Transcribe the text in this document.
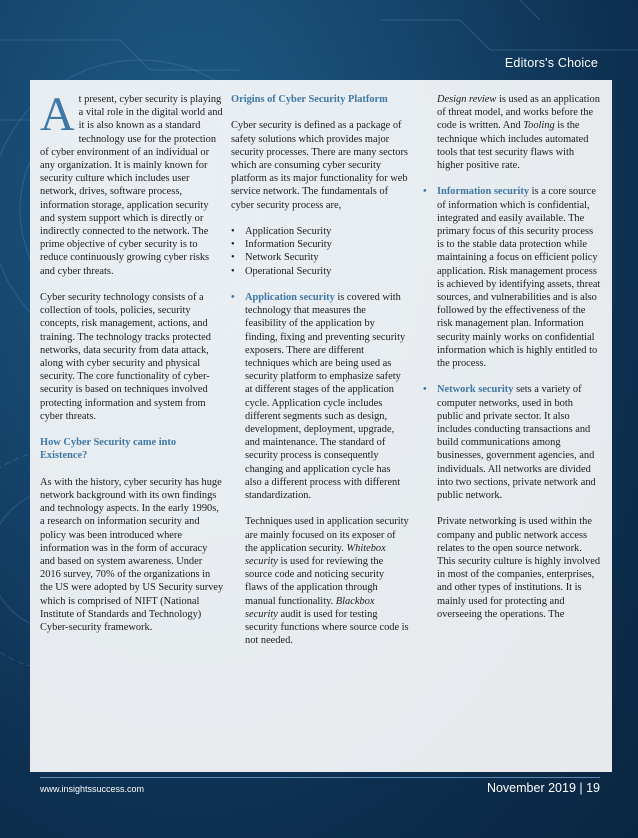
Editors's Choice

At present, cyber security is playing a vital role in the digital world and it is also known as a standard technology use for the protection of cyber environment of an individual or any organization. It is mainly known for security culture which includes user network, drives, software process, information storage, application security and system support which is directly or indirectly connected to the network. The prime objective of cyber security is to reduce continuously growing cyber risks and cyber threats.

Cyber security technology consists of a collection of tools, policies, security concepts, risk management, actions, and training. The technology tracks protected networks, data security from data attack, along with cyber security and physical security. The core functionality of cyber-security is based on techniques involved protecting information and system from cyber threats.

How Cyber Security came into Existence?

As with the history, cyber security has huge network background with its own findings and technology aspects. In the early 1990s, a research on information security and policy was been introduced where information was in the form of accuracy and based on system awareness. Under 2016 survey, 70% of the organizations in the US were adopted by US Security survey which is comprised of NIFT (National Institute of Standards and Technology) Cyber-security framework.

Origins of Cyber Security Platform

Cyber security is defined as a package of safety solutions which provides major security processes. There are many sectors which are consuming cyber security platform as its major functionality for web service network. The fundamentals of cyber security process are,

• Application Security
• Information Security
• Network Security
• Operational Security
• Application security is covered with technology that measures the feasibility of the application by finding, fixing and preventing security exposers. There are different techniques which are being used as security platform to emphasize safety at different stages of the application cycle. Application cycle includes different segments such as design, development, deployment, upgrade, and maintenance. The standard of security process is consequently changing and application cycle has also a different process with different standardization.

Techniques used in application security are mainly focused on its exposer of the application security. Whitebox security is used for reviewing the source code and noticing security flaws of the application through manual functionality. Blackbox security audit is used for testing security functions where source code is not needed.

Design review is used as an application of threat model, and works before the code is written. And Tooling is the technique which includes automated tools that test security flaws with higher positive rate.

• Information security is a core source of information which is confidential, integrated and easily available. The primary focus of this security process is to the stable data protection while maintaining a focus on efficient policy application. Risk management process is achieved by identifying assets, threat sources, and vulnerabilities and is also followed by the effectiveness of the risk management plan. Information security mainly works on confidential information which is highly entitled to the process.
• Network security sets a variety of computer networks, used in both public and private sector. It also includes conducting transactions and build communications among businesses, government agencies, and individuals. All networks are divided into two sections, private network and public network.

Private networking is used within the company and public network access relates to the open source network. This security culture is highly involved in most of the companies, enterprises, and other types of institutions. It is mainly used for protecting and overseeing the operations. The

www.insightssuccess.com	November 2019 | 19
